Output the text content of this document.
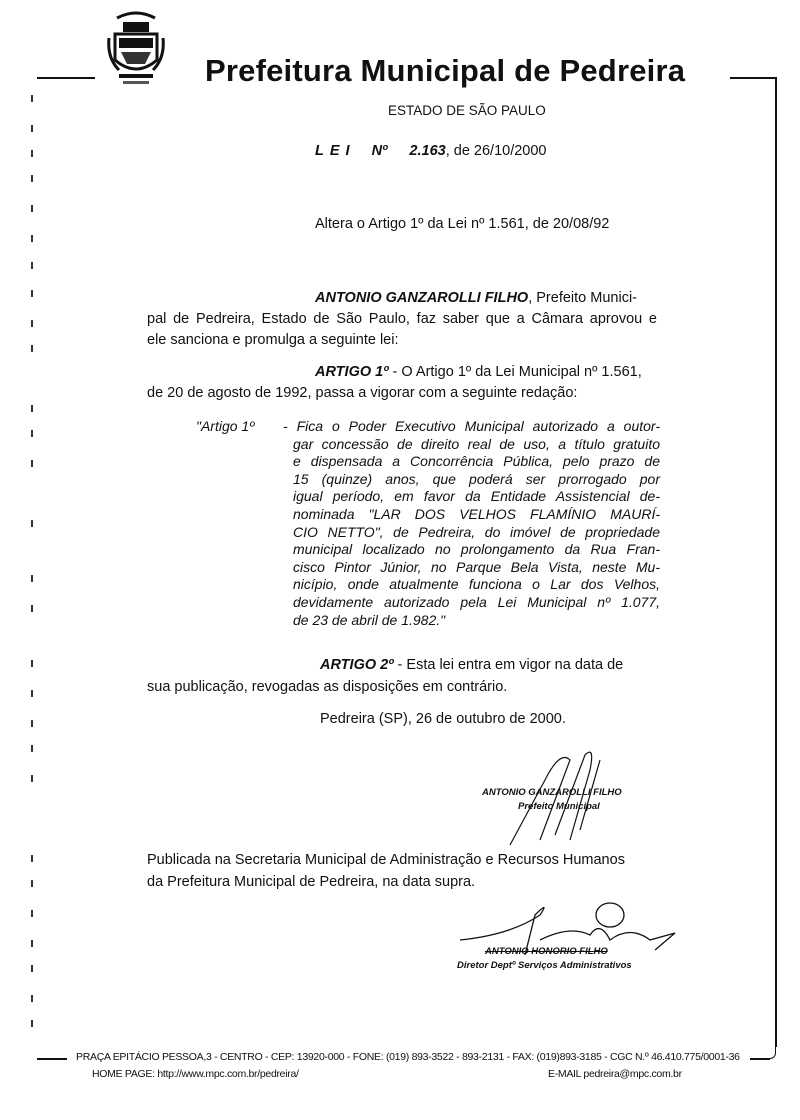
Prefeitura Municipal de Pedreira
ESTADO DE SÃO PAULO
LEI Nº 2.163, de 26/10/2000
Altera o Artigo 1º da Lei nº 1.561, de 20/08/92
ANTONIO GANZAROLLI FILHO, Prefeito Munici-
pal de Pedreira, Estado de São Paulo, faz saber que a Câmara aprovou e
ele sanciona e promulga a seguinte lei:
ARTIGO 1º - O Artigo 1º da Lei Municipal nº 1.561,
de 20 de agosto de 1992, passa a vigorar com a seguinte redação:
"Artigo 1º - Fica o Poder Executivo Municipal autorizado a outor-
gar concessão de direito real de uso, a título gratuito
e dispensada a Concorrência Pública, pelo prazo de
15 (quinze) anos, que poderá ser prorrogado por
igual período, em favor da Entidade Assistencial de-
nominada "LAR DOS VELHOS FLAMÍNIO MAURÍ-
CIO NETTO", de Pedreira, do imóvel de propriedade
municipal localizado no prolongamento da Rua Fran-
cisco Pintor Júnior, no Parque Bela Vista, neste Mu-
nicípio, onde atualmente funciona o Lar dos Velhos,
devidamente autorizado pela Lei Municipal nº 1.077,
de 23 de abril de 1.982."
ARTIGO 2º - Esta lei entra em vigor na data de
sua publicação, revogadas as disposições em contrário.
Pedreira (SP), 26 de outubro de 2000.
ANTONIO GANZAROLLI FILHO
Prefeito Municipal
Publicada na Secretaria Municipal de Administração e Recursos Humanos
da Prefeitura Municipal de Pedreira, na data supra.
ANTONIO HONORIO FILHO
Diretor Deptº Serviços Administrativos
PRAÇA EPITÁCIO PESSOA,3 - CENTRO - CEP: 13920-000 - FONE: (019) 893-3522 - 893-2131 - FAX: (019)893-3185 - CGC N.º 46.410.775/0001-36
HOME PAGE: http://www.mpc.com.br/pedreira/	E-MAIL pedreira@mpc.com.br
